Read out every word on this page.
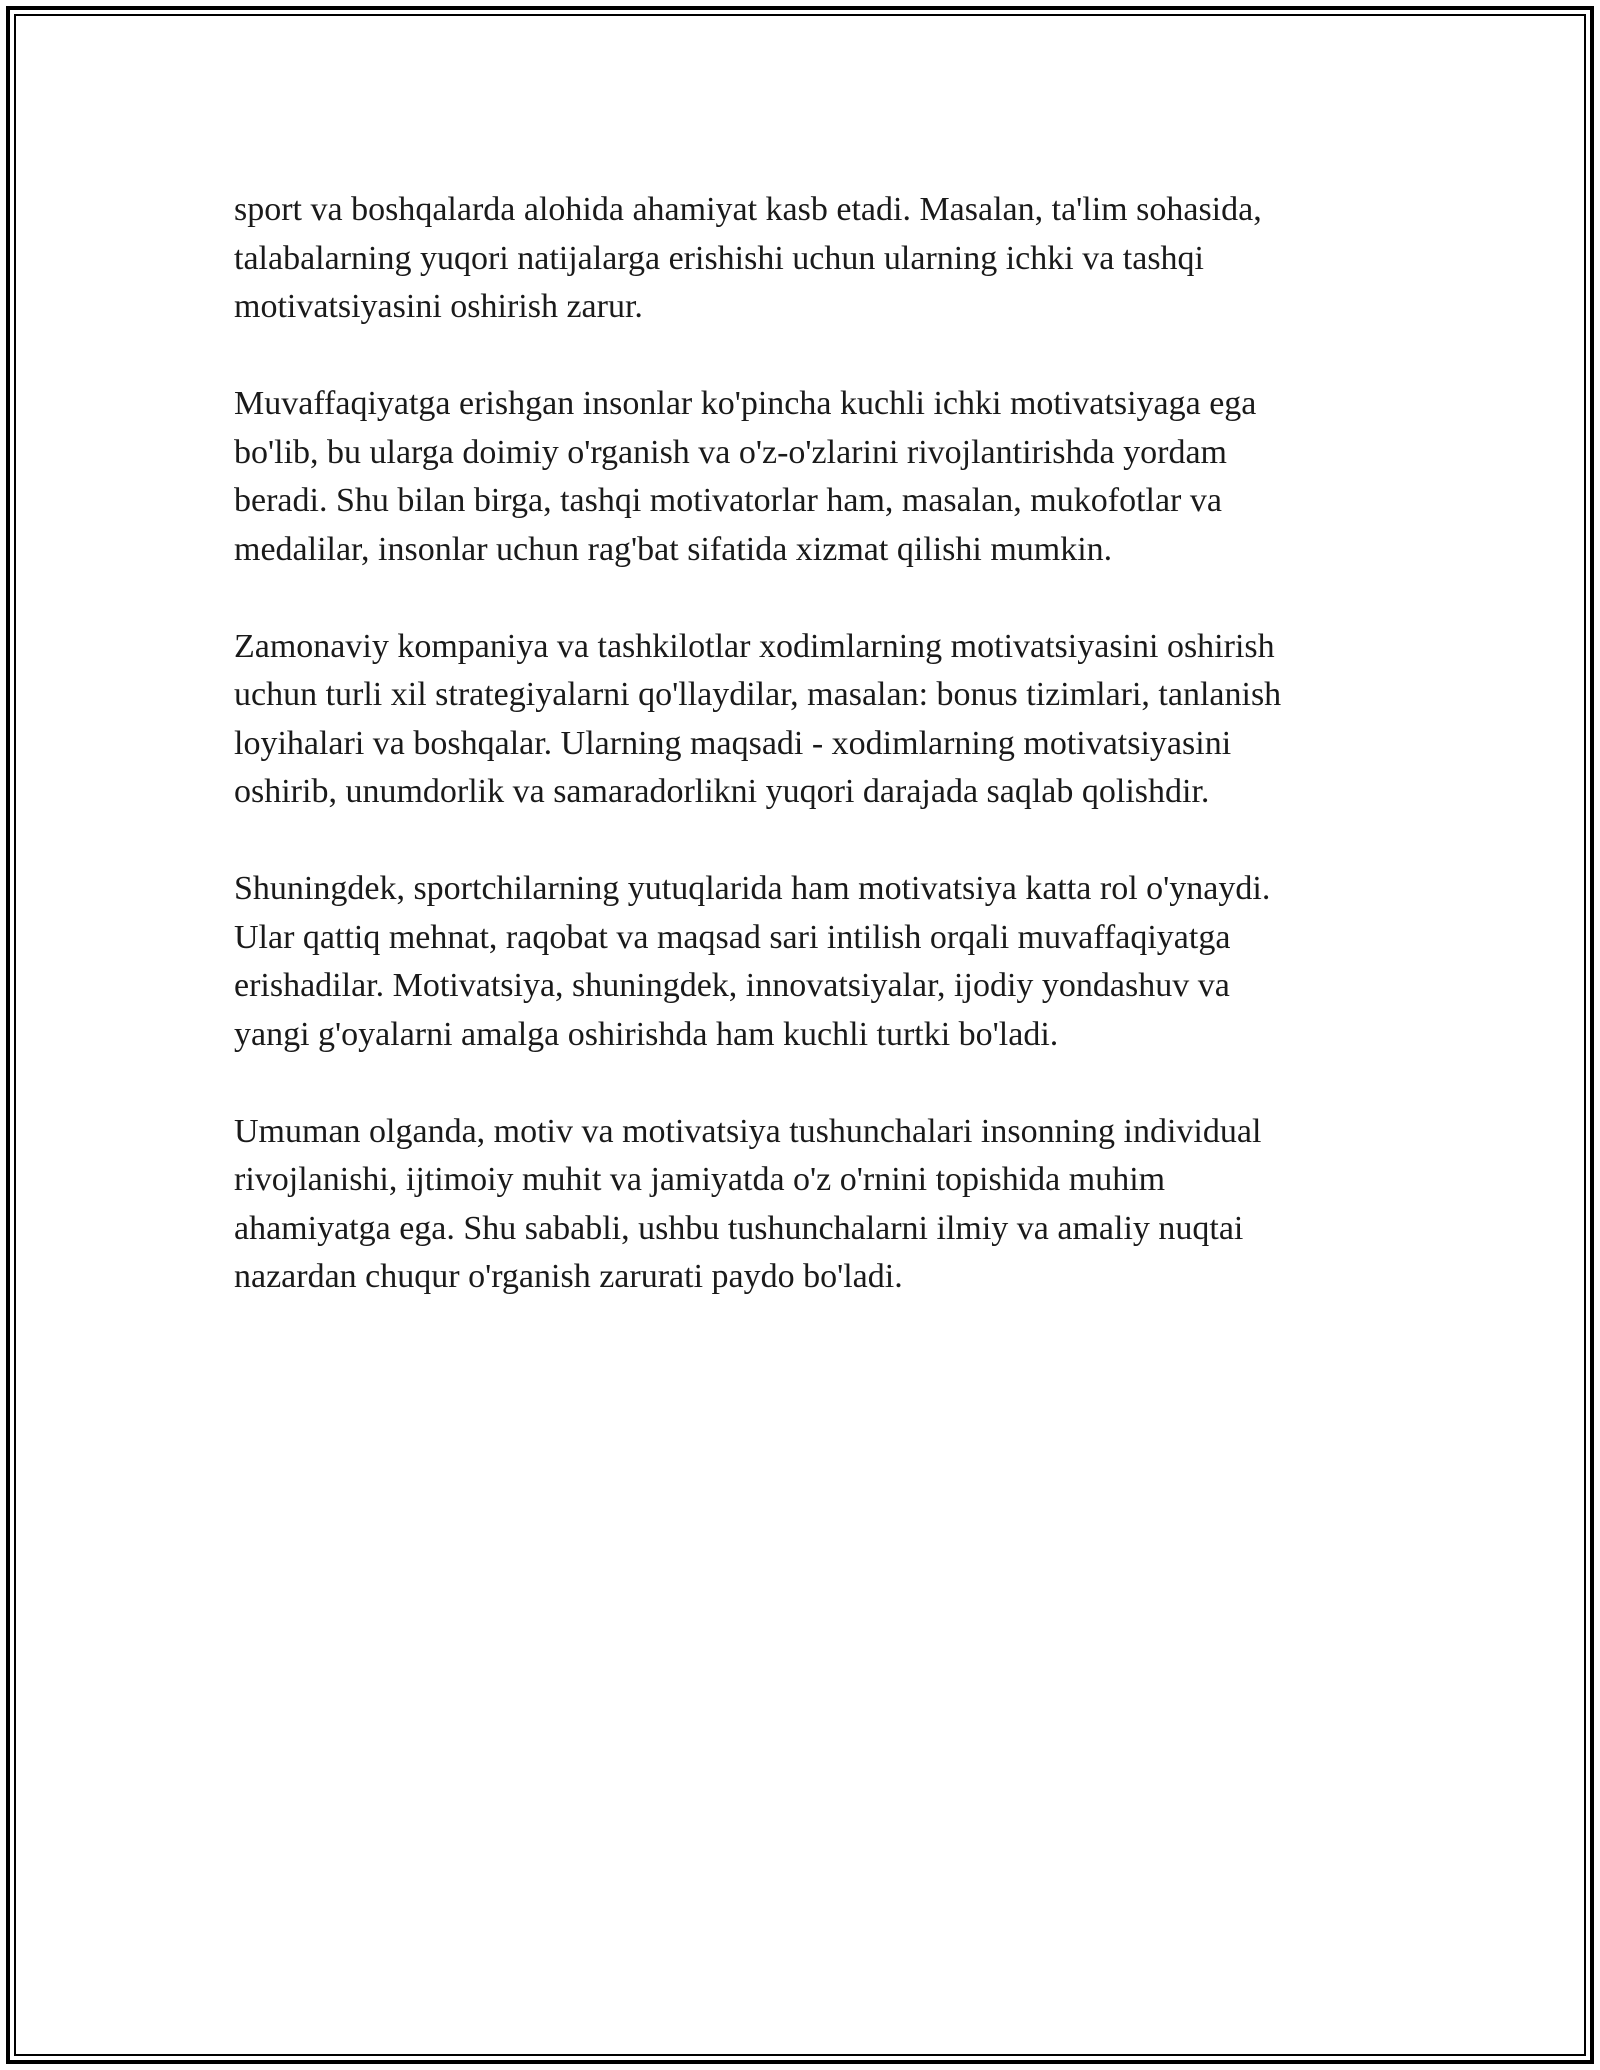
sport va boshqalarda alohida ahamiyat kasb etadi. Masalan, ta'lim sohasida,
talabalarning yuqori natijalarga erishishi uchun ularning ichki va tashqi
motivatsiyasini oshirish zarur.

Muvaffaqiyatga erishgan insonlar ko'pincha kuchli ichki motivatsiyaga ega
bo'lib, bu ularga doimiy o'rganish va o'z-o'zlarini rivojlantirishda yordam
beradi. Shu bilan birga, tashqi motivatorlar ham, masalan, mukofotlar va
medalilar, insonlar uchun rag'bat sifatida xizmat qilishi mumkin.

Zamonaviy kompaniya va tashkilotlar xodimlarning motivatsiyasini oshirish
uchun turli xil strategiyalarni qo'llaydilar, masalan: bonus tizimlari, tanlanish
loyihalari va boshqalar. Ularning maqsadi - xodimlarning motivatsiyasini
oshirib, unumdorlik va samaradorlikni yuqori darajada saqlab qolishdir.

Shuningdek, sportchilarning yutuqlarida ham motivatsiya katta rol o'ynaydi.
Ular qattiq mehnat, raqobat va maqsad sari intilish orqali muvaffaqiyatga
erishadilar. Motivatsiya, shuningdek, innovatsiyalar, ijodiy yondashuv va
yangi g'oyalarni amalga oshirishda ham kuchli turtki bo'ladi.

Umuman olganda, motiv va motivatsiya tushunchalari insonning individual
rivojlanishi, ijtimoiy muhit va jamiyatda o'z o'rnini topishida muhim
ahamiyatga ega. Shu sababli, ushbu tushunchalarni ilmiy va amaliy nuqtai
nazardan chuqur o'rganish zarurati paydo bo'ladi.
